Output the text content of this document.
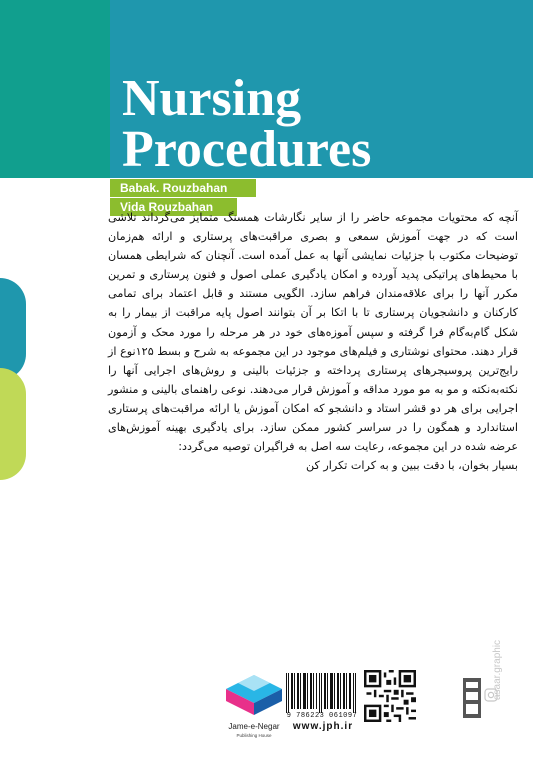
Nursing
Procedures
Babak. Rouzbahan
Vida Rouzbahan

آنچه که محتویات مجموعه حاضر را از سایر نگارشات همسنگ متمایز می‌گرداند تلاشی است که در جهت آموزش سمعی و بصری مراقبت‌های پرستاری و ارائه هم‌زمان توضیحات مکتوب با جزئیات نمایشی آنها به عمل آمده است. آنچنان که شرایطی همسان با محیط‌های پراتیکی پدید آورده و امکان یادگیری عملی اصول و فنون پرستاری و تمرین مکرر آنها را برای علاقه‌مندان فراهم سازد. الگویی مستند و قابل اعتماد برای تمامی کارکنان و دانشجویان پرستاری تا با اتکا بر آن بتوانند اصول پایه مراقبت از بیمار را به شکل گام‌به‌گام فرا گرفته و سپس آموزه‌های خود در هر مرحله را مورد محک و آزمون قرار دهند. محتوای نوشتاری و فیلم‌های موجود در این مجموعه به شرح و بسط ۱۲۵نوع از رایج‌ترین پروسیجرهای پرستاری پرداخته و جزئیات بالینی و روش‌های اجرایی آنها را نکته‌به‌نکته و مو به مو مورد مداقه و آموزش قرار می‌دهند. نوعی راهنمای بالینی و منشور اجرایی برای هر دو قشر استاد و دانشجو که امکان آموزش یا ارائه مراقبت‌های پرستاری استاندارد و همگون را در سراسر کشور ممکن سازد. برای یادگیری بهینه آموزش‌های عرضه شده در این مجموعه، رعایت سه اصل به فراگیران توصیه می‌گردد:

بسیار بخوان، با دقت ببین و به کرات تکرار کن

Jame-e-Negar
Publishing House
9 786223 061097
www.jph.ir
asaar.graphic
